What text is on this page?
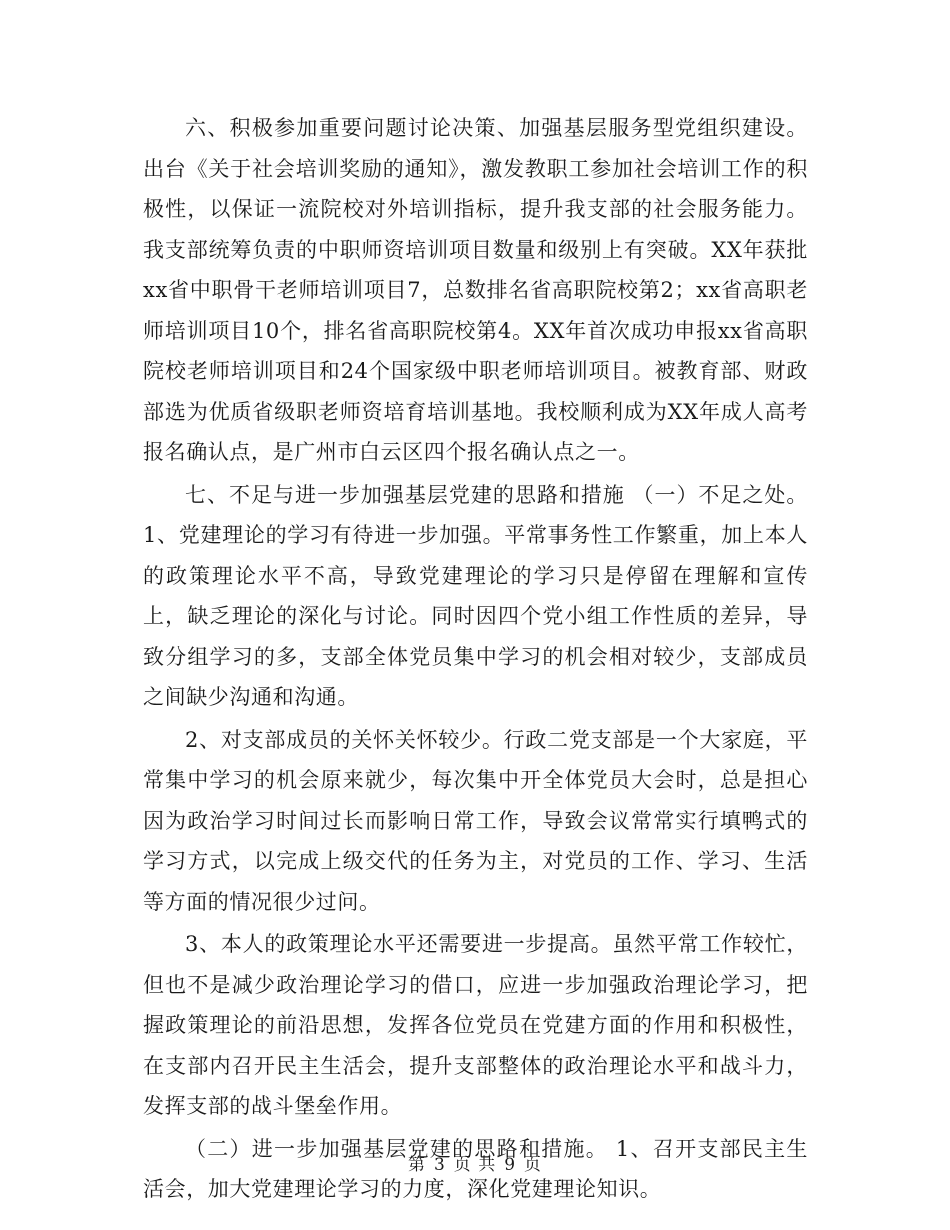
六、积极参加重要问题讨论决策、加强基层服务型党组织建设。出台《关于社会培训奖励的通知》，激发教职工参加社会培训工作的积极性，以保证一流院校对外培训指标，提升我支部的社会服务能力。我支部统筹负责的中职师资培训项目数量和级别上有突破。XX年获批xx省中职骨干老师培训项目7，总数排名省高职院校第2；xx省高职老师培训项目10个，排名省高职院校第4。XX年首次成功申报xx省高职院校老师培训项目和24个国家级中职老师培训项目。被教育部、财政部选为优质省级职老师资培育培训基地。我校顺利成为XX年成人高考报名确认点，是广州市白云区四个报名确认点之一。

七、不足与进一步加强基层党建的思路和措施 （一）不足之处。1、党建理论的学习有待进一步加强。平常事务性工作繁重，加上本人的政策理论水平不高，导致党建理论的学习只是停留在理解和宣传上，缺乏理论的深化与讨论。同时因四个党小组工作性质的差异，导致分组学习的多，支部全体党员集中学习的机会相对较少，支部成员之间缺少沟通和沟通。

2、对支部成员的关怀关怀较少。行政二党支部是一个大家庭，平常集中学习的机会原来就少，每次集中开全体党员大会时，总是担心因为政治学习时间过长而影响日常工作，导致会议常常实行填鸭式的学习方式，以完成上级交代的任务为主，对党员的工作、学习、生活等方面的情况很少过问。

3、本人的政策理论水平还需要进一步提高。虽然平常工作较忙，但也不是减少政治理论学习的借口，应进一步加强政治理论学习，把握政策理论的前沿思想，发挥各位党员在党建方面的作用和积极性，在支部内召开民主生活会，提升支部整体的政治理论水平和战斗力，发挥支部的战斗堡垒作用。

（二）进一步加强基层党建的思路和措施。 1、召开支部民主生活会，加大党建理论学习的力度，深化党建理论知识。

第 3 页 共 9 页
